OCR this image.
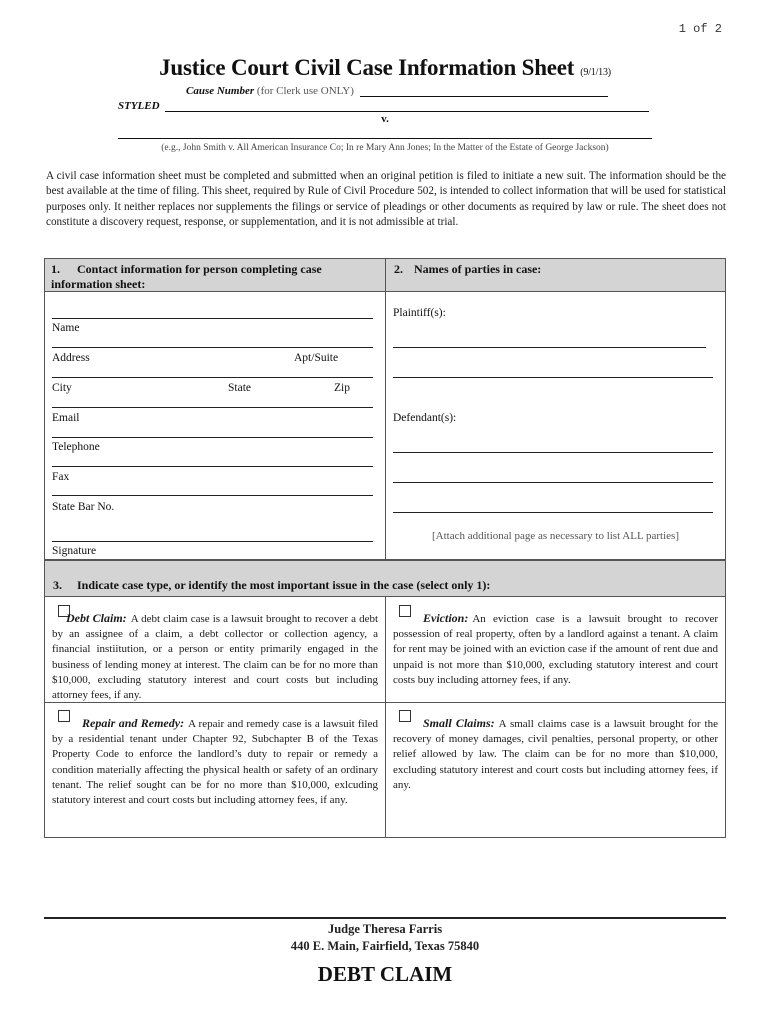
1 of 2
Justice Court Civil Case Information Sheet (9/1/13)
Cause Number (for Clerk use ONLY)
STYLED
v.
(e.g., John Smith v. All American Insurance Co; In re Mary Ann Jones; In the Matter of the Estate of George Jackson)
A civil case information sheet must be completed and submitted when an original petition is filed to initiate a new suit. The information should be the best available at the time of filing. This sheet, required by Rule of Civil Procedure 502, is intended to collect information that will be used for statistical purposes only. It neither replaces nor supplements the filings or service of pleadings or other documents as required by law or rule. The sheet does not constitute a discovery request, response, or supplementation, and it is not admissible at trial.
1. Contact information for person completing case
information sheet:
2. Names of parties in case:
Name
Address	Apt/Suite
City	State	Zip
Email
Telephone
Fax
State Bar No.
Signature
Plaintiff(s):
Defendant(s):
[Attach additional page as necessary to list ALL parties]
3. Indicate case type, or identify the most important issue in the case (select only 1):
Debt Claim: A debt claim case is a lawsuit brought to recover a debt by an assignee of a claim, a debt collector or collection agency, a financial instiitution, or a person or entity primarily engaged in the business of lending money at interest. The claim can be for no more than $10,000, excluding statutory interest and court costs but including attorney fees, if any.
Eviction: An eviction case is a lawsuit brought to recover possession of real property, often by a landlord against a tenant. A claim for rent may be joined with an eviction case if the amount of rent due and unpaid is not more than $10,000, excluding statutory interest and court costs buy including attorney fees, if any.
Repair and Remedy: A repair and remedy case is a lawsuit filed by a residential tenant under Chapter 92, Subchapter B of the Texas Property Code to enforce the landlord’s duty to repair or remedy a condition materially affecting the physical health or safety of an ordinary tenant. The relief sought can be for no more than $10,000, exlcuding statutory interest and court costs but including attorney fees, if any.
Small Claims: A small claims case is a lawsuit brought for the recovery of money damages, civil penalties, personal property, or other relief allowed by law. The claim can be for no more than $10,000, excluding statutory interest and court costs but including attorney fees, if any.
Judge Theresa Farris
440 E. Main, Fairfield, Texas 75840
DEBT CLAIM
